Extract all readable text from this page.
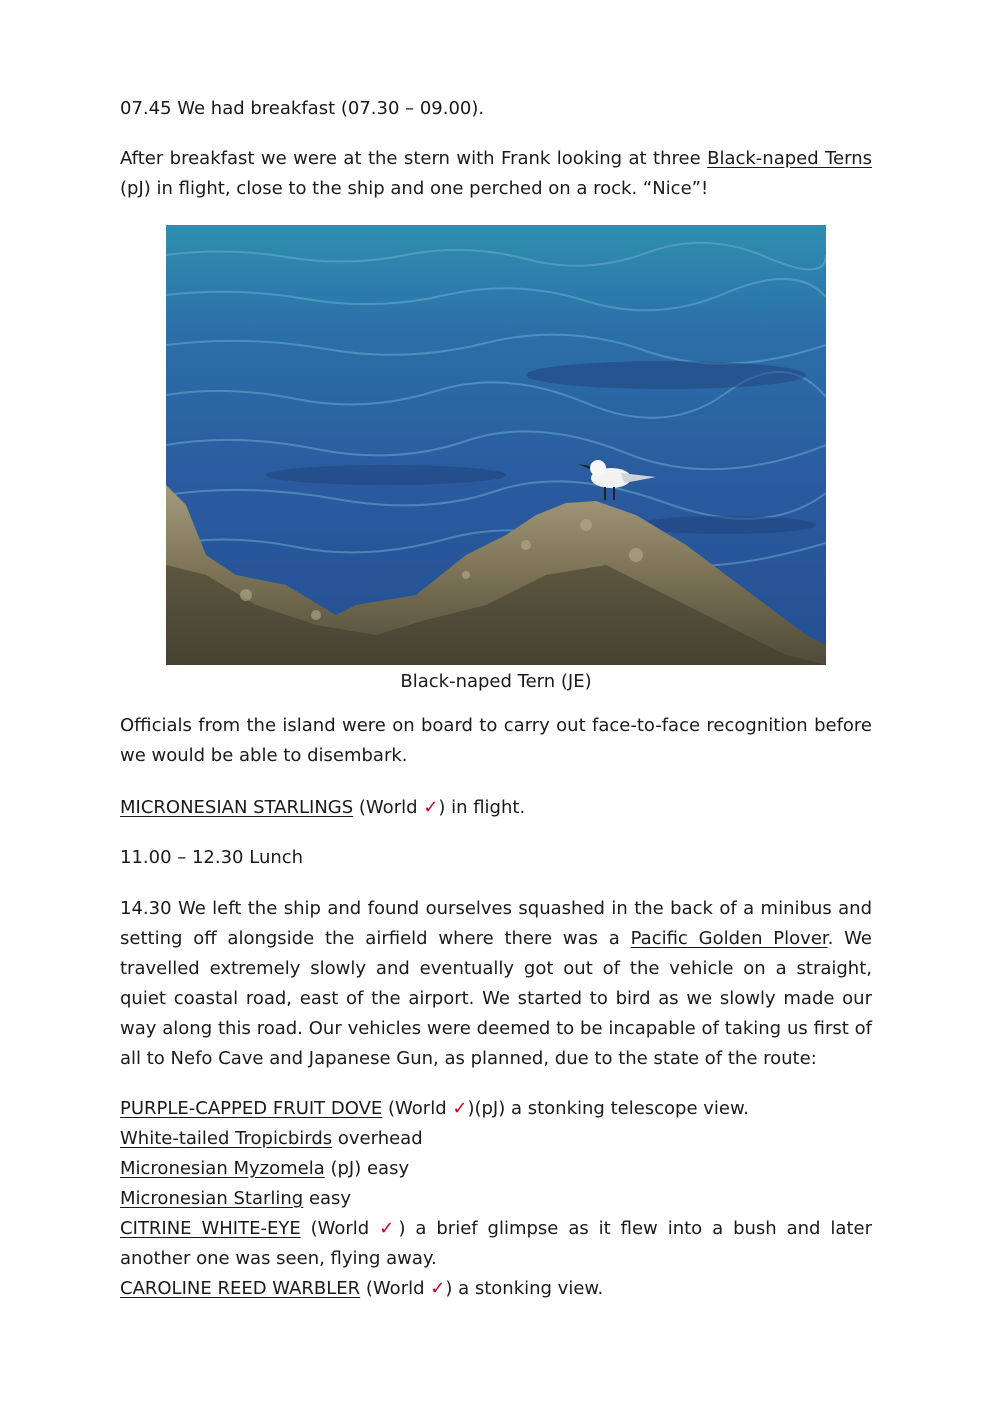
07.45 We had breakfast (07.30 – 09.00).

After breakfast we were at the stern with Frank looking at three Black-naped Terns (pJ) in flight, close to the ship and one perched on a rock. “Nice”!

Black-naped Tern (JE)

Officials from the island were on board to carry out face-to-face recognition before we would be able to disembark.

MICRONESIAN STARLINGS (World ✓) in flight.

11.00 – 12.30 Lunch

14.30 We left the ship and found ourselves squashed in the back of a minibus and setting off alongside the airfield where there was a Pacific Golden Plover. We travelled extremely slowly and eventually got out of the vehicle on a straight, quiet coastal road, east of the airport. We started to bird as we slowly made our way along this road. Our vehicles were deemed to be incapable of taking us first of all to Nefo Cave and Japanese Gun, as planned, due to the state of the route:

PURPLE-CAPPED FRUIT DOVE (World ✓)(pJ) a stonking telescope view.
White-tailed Tropicbirds overhead
Micronesian Myzomela (pJ) easy
Micronesian Starling easy
CITRINE WHITE-EYE (World ✓) a brief glimpse as it flew into a bush and later another one was seen, flying away.
CAROLINE REED WARBLER (World ✓) a stonking view.
